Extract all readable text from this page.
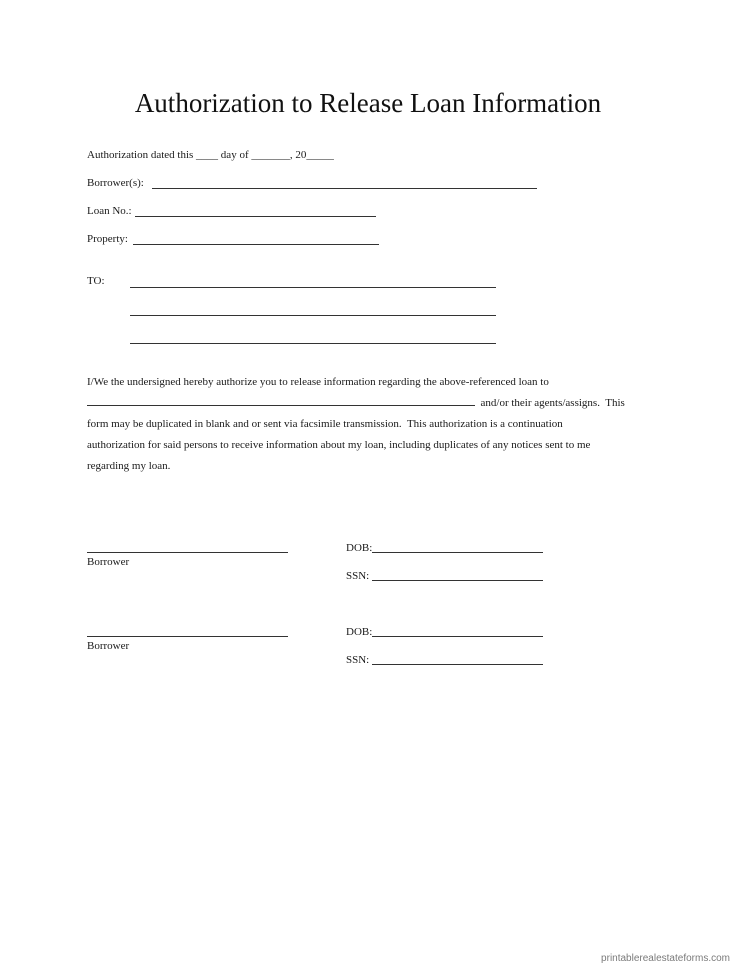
Authorization to Release Loan Information
Authorization dated this ____ day of _______, 20_____
Borrower(s):
Loan No.:
Property:
TO:
I/We the undersigned hereby authorize you to release information regarding the above-referenced loan to
and/or their agents/assigns.  This
form may be duplicated in blank and or sent via facsimile transmission.  This authorization is a continuation
authorization for said persons to receive information about my loan, including duplicates of any notices sent to me
regarding my loan.
Borrower
DOB:
SSN:
Borrower
DOB:
SSN:
printablerealestateforms.com
